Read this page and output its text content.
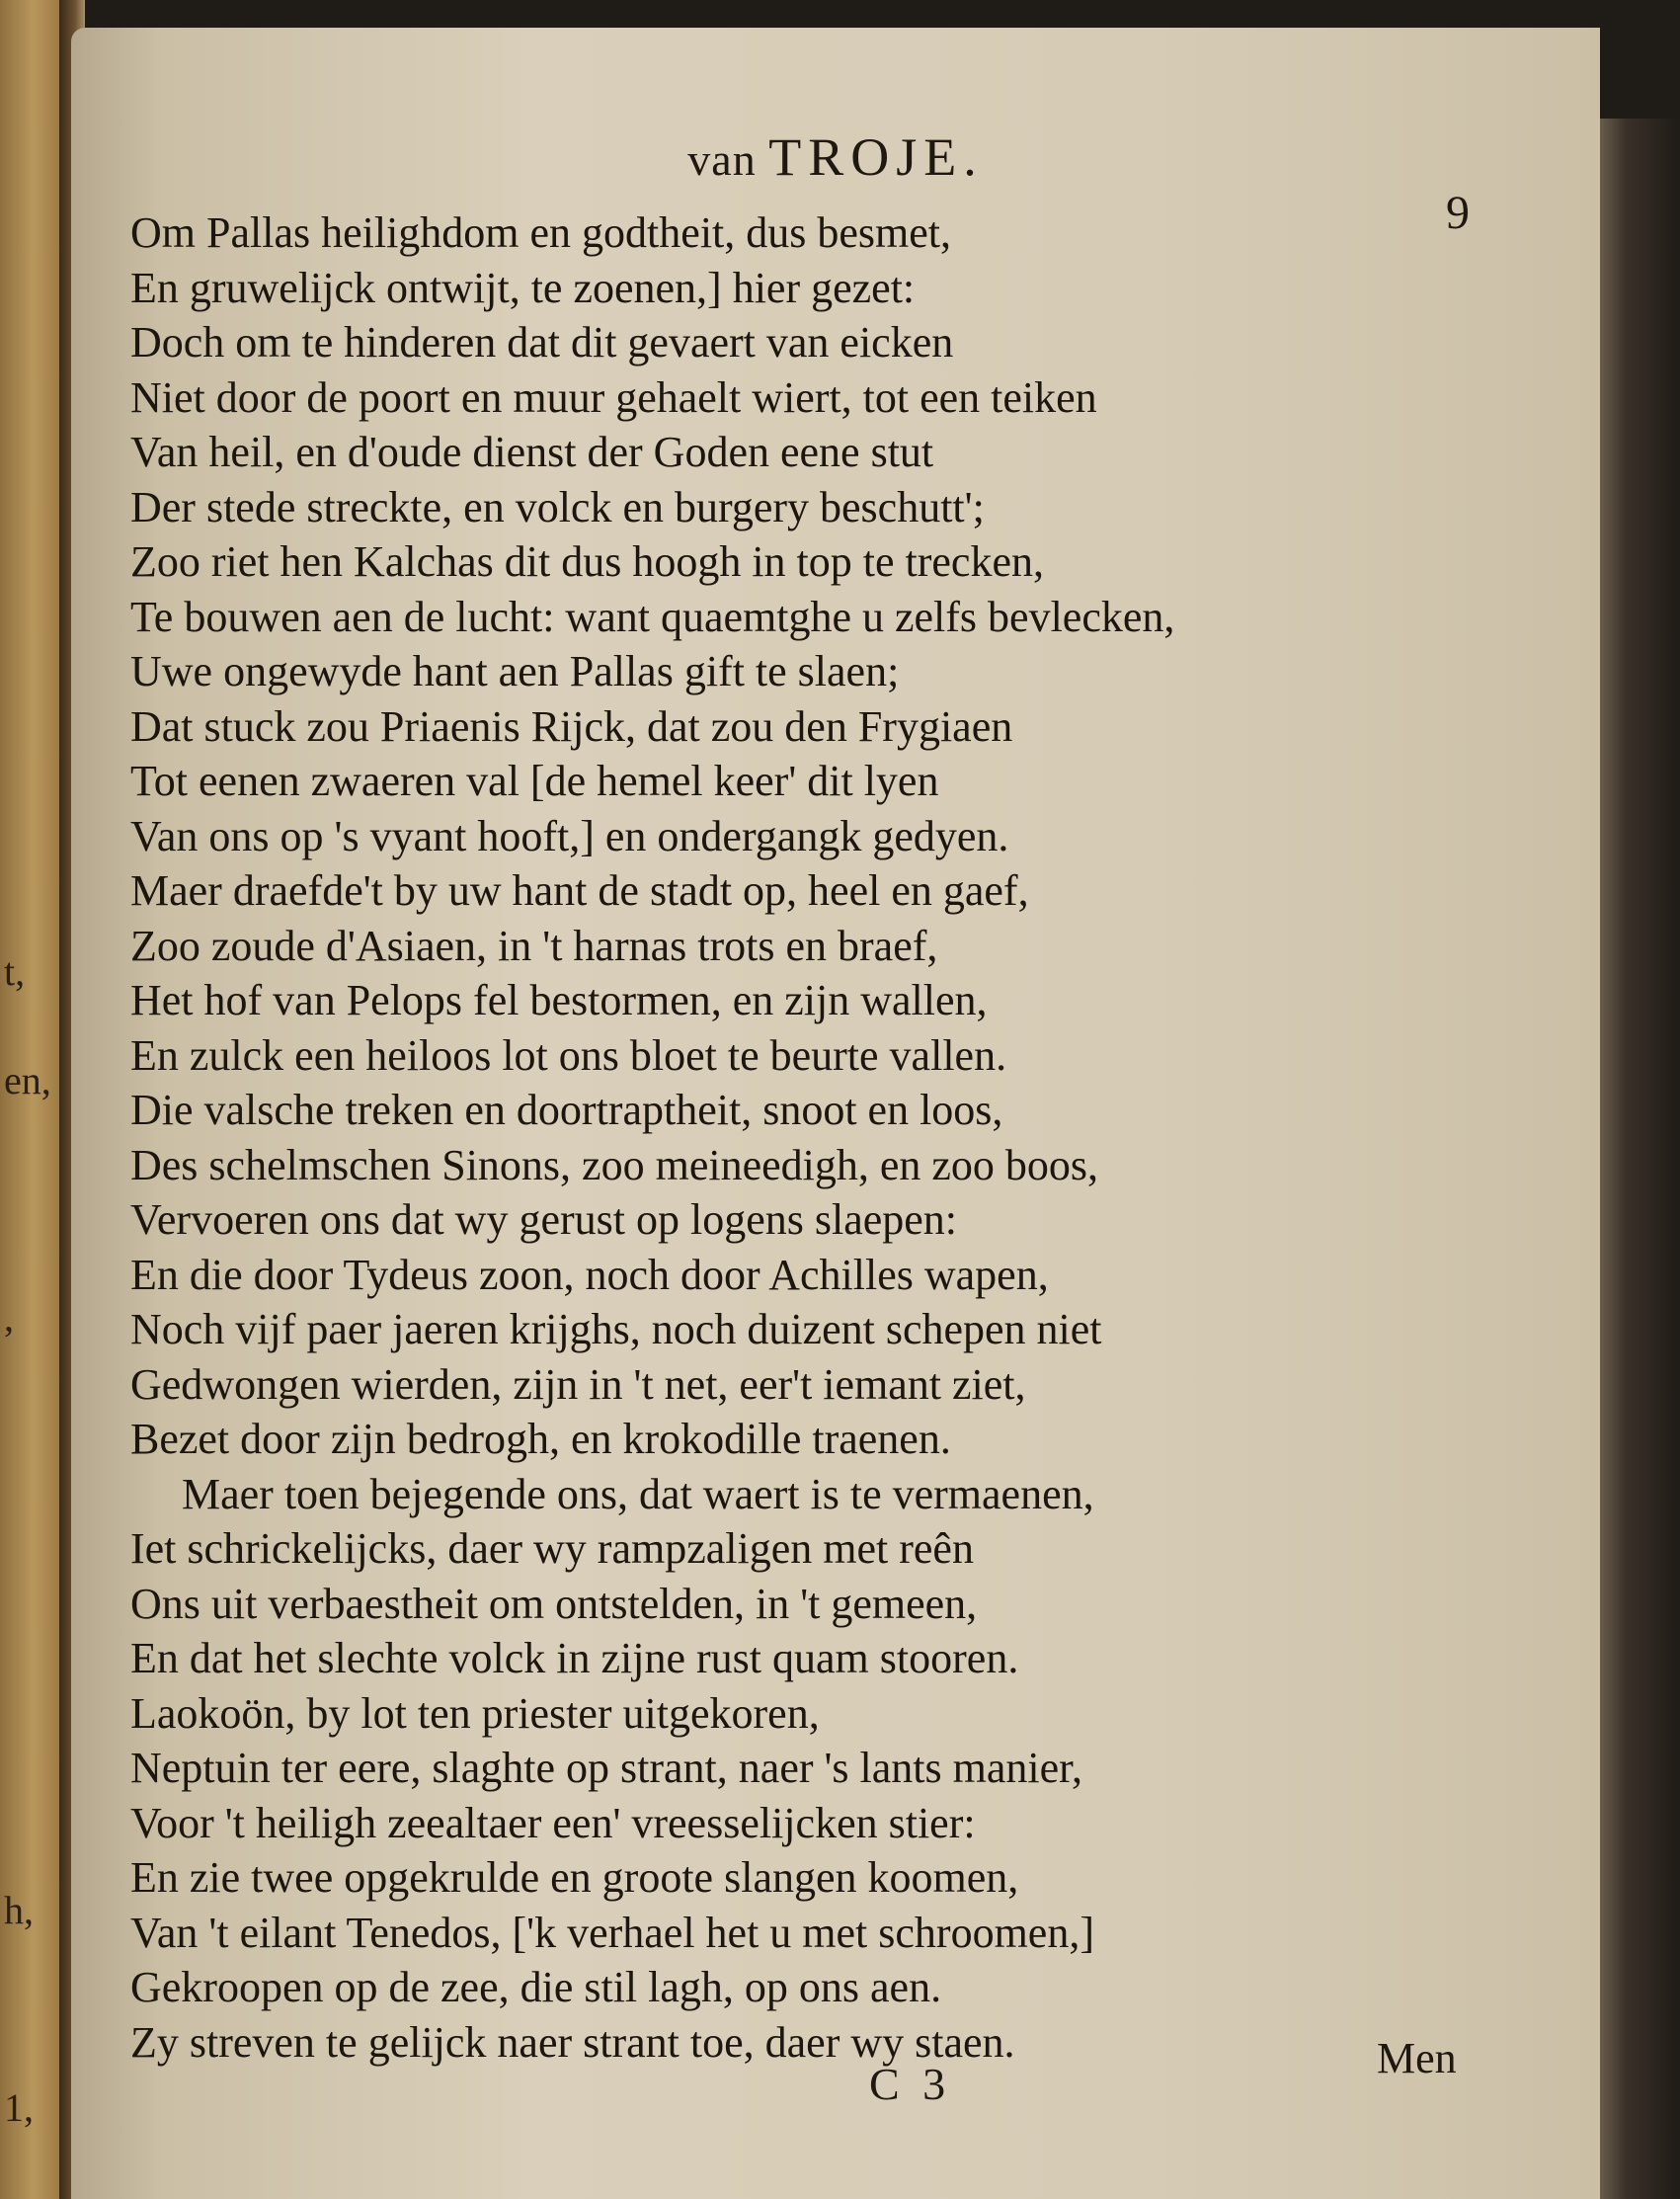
t,
en,
,
h,
1,
van TROJE.
9
Om Pallas heilighdom en godtheit, dus besmet,
En gruwelijck ontwijt, te zoenen,] hier gezet:
Doch om te hinderen dat dit gevaert van eicken
Niet door de poort en muur gehaelt wiert, tot een teiken
Van heil, en d'oude dienst der Goden eene stut
Der stede streckte, en volck en burgery beschutt';
Zoo riet hen Kalchas dit dus hoogh in top te trecken,
Te bouwen aen de lucht: want quaemtghe u zelfs bevlecken,
Uwe ongewyde hant aen Pallas gift te slaen;
Dat stuck zou Priaenis Rijck, dat zou den Frygiaen
Tot eenen zwaeren val [de hemel keer' dit lyen
Van ons op 's vyant hooft,] en ondergangk gedyen.
Maer draefde't by uw hant de stadt op, heel en gaef,
Zoo zoude d'Asiaen, in 't harnas trots en braef,
Het hof van Pelops fel bestormen, en zijn wallen,
En zulck een heiloos lot ons bloet te beurte vallen.
Die valsche treken en doortraptheit, snoot en loos,
Des schelmschen Sinons, zoo meineedigh, en zoo boos,
Vervoeren ons dat wy gerust op logens slaepen:
En die door Tydeus zoon, noch door Achilles wapen,
Noch vijf paer jaeren krijghs, noch duizent schepen niet
Gedwongen wierden, zijn in 't net, eer't iemant ziet,
Bezet door zijn bedrogh, en krokodille traenen.
Maer toen bejegende ons, dat waert is te vermaenen,
Iet schrickelijcks, daer wy rampzaligen met reên
Ons uit verbaestheit om ontstelden, in 't gemeen,
En dat het slechte volck in zijne rust quam stooren.
Laokoön, by lot ten priester uitgekoren,
Neptuin ter eere, slaghte op strant, naer 's lants manier,
Voor 't heiligh zeealtaer een' vreesselijcken stier:
En zie twee opgekrulde en groote slangen koomen,
Van 't eilant Tenedos, ['k verhael het u met schroomen,]
Gekroopen op de zee, die stil lagh, op ons aen.
Zy streven te gelijck naer strant toe, daer wy staen.
C 3
Men
